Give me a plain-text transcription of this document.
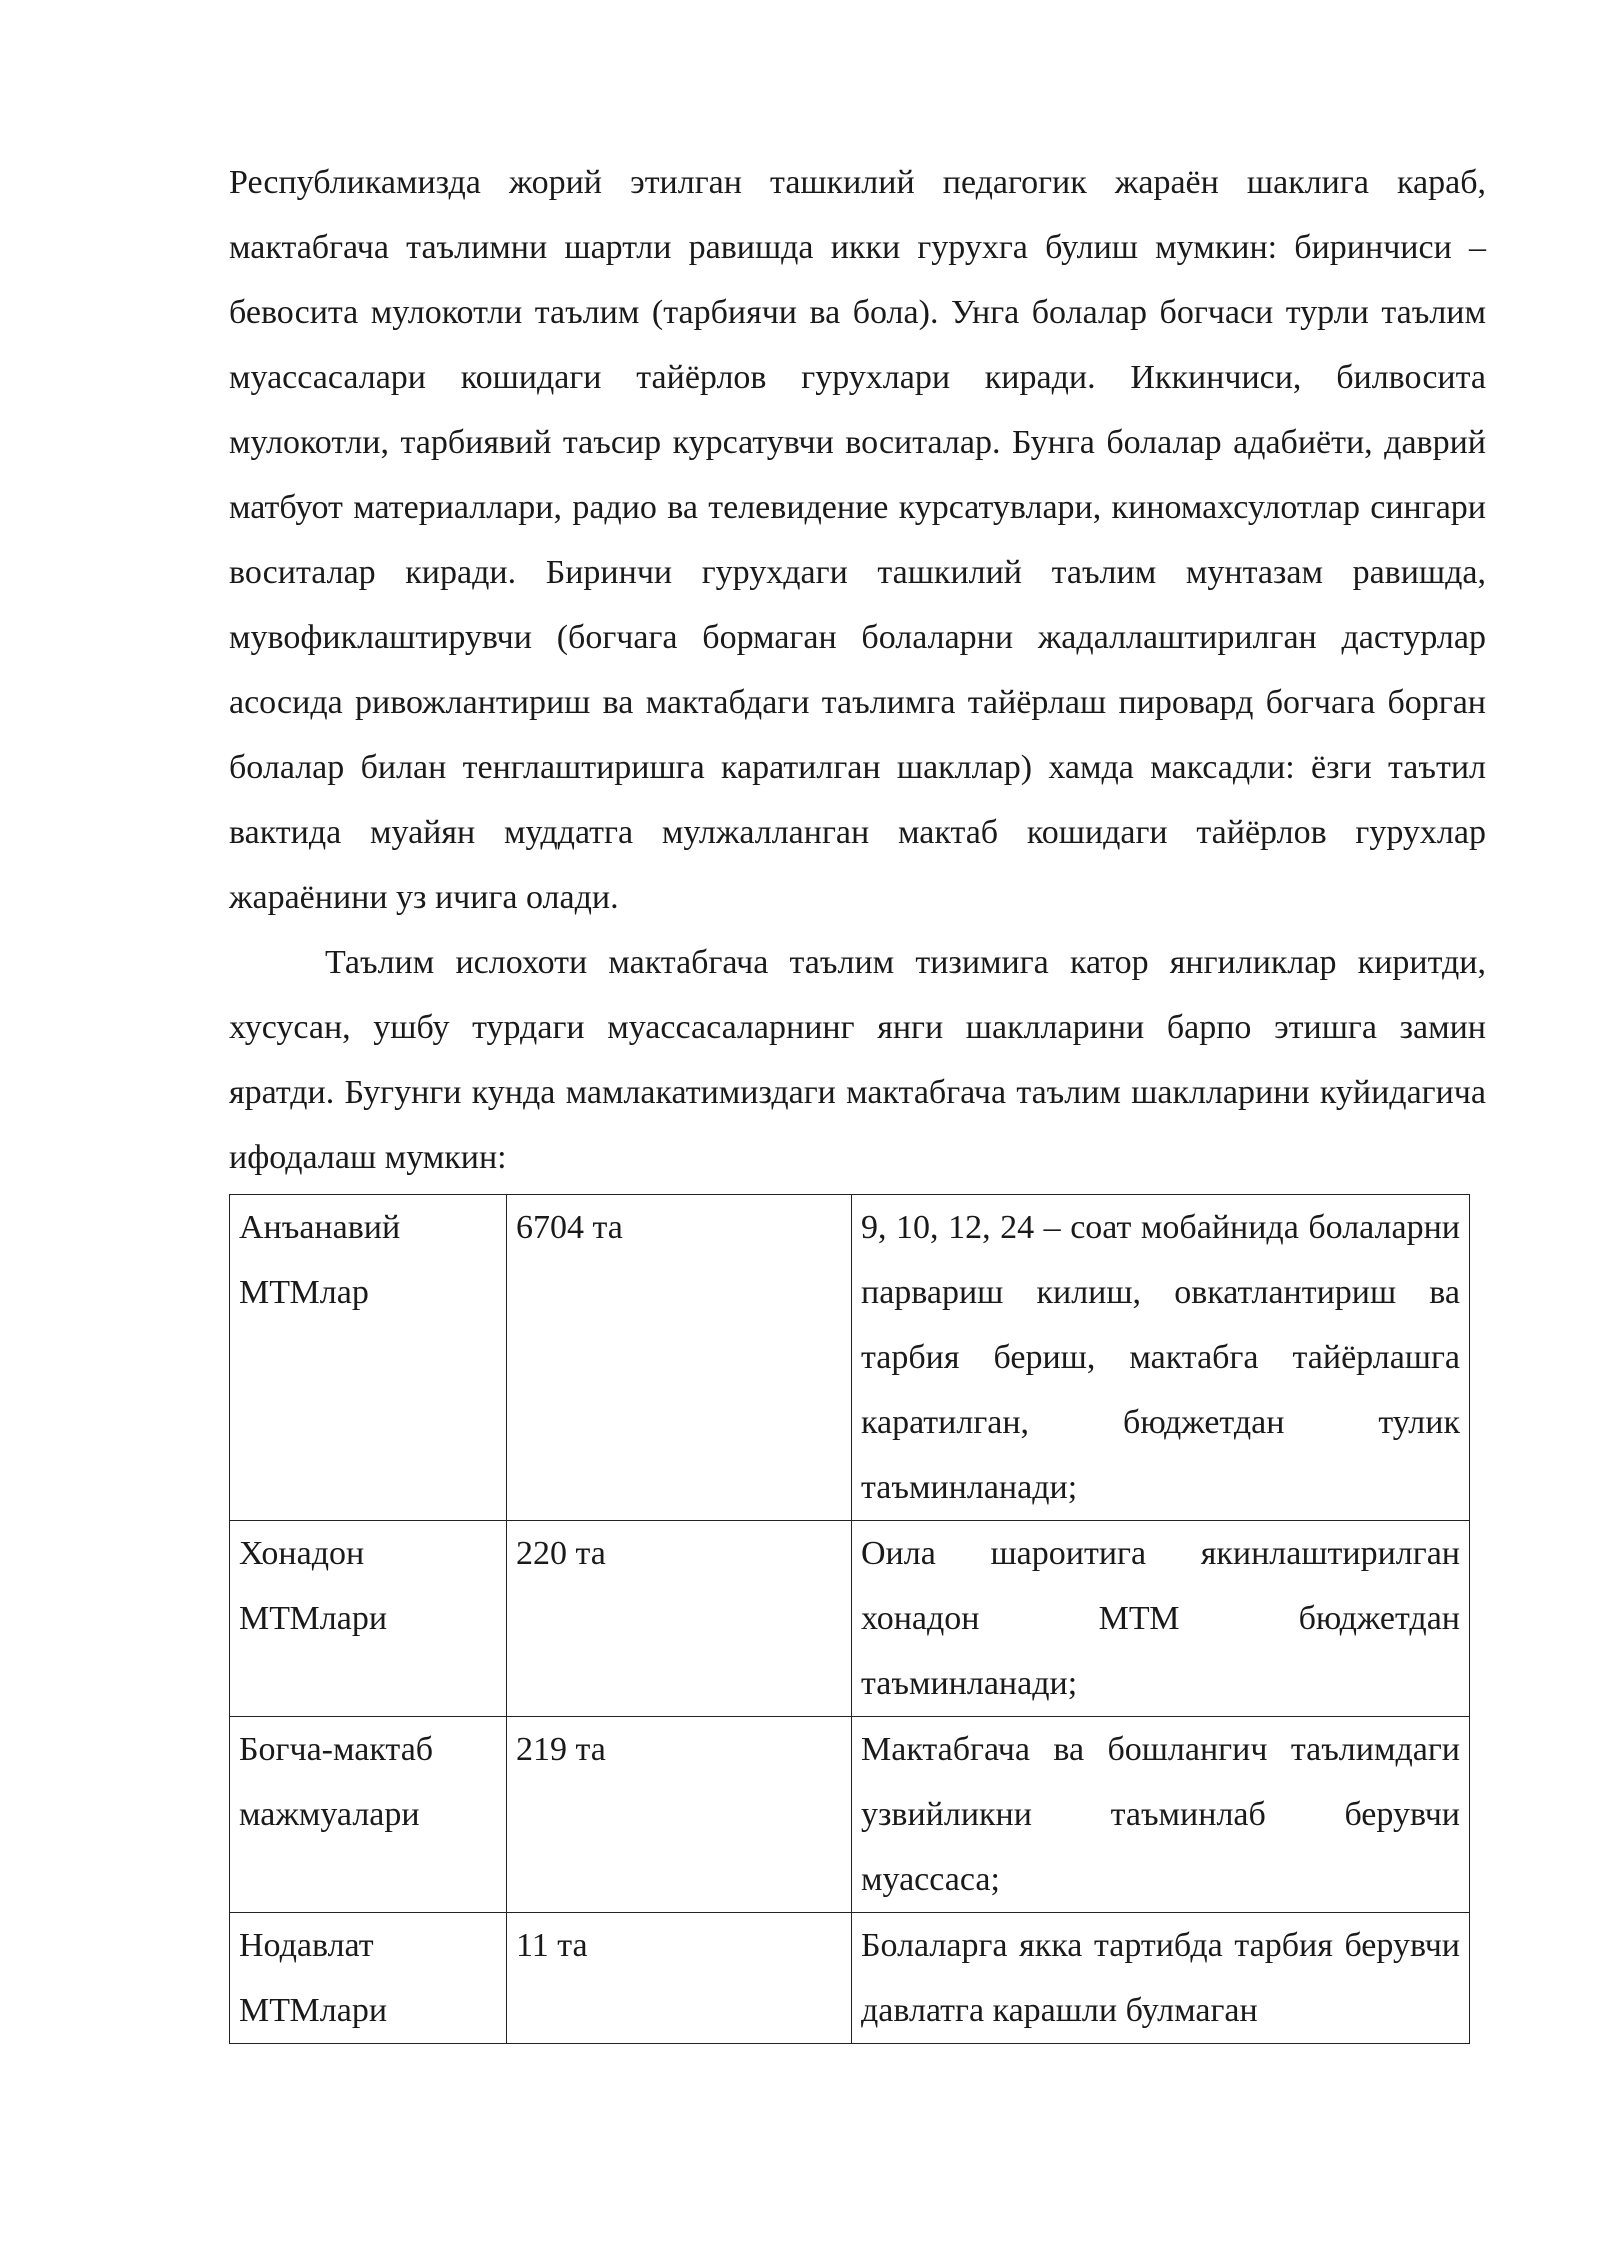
Республикамизда жорий этилган ташкилий педагогик жараён шаклига караб, мактабгача таълимни шартли равишда икки гурухга булиш мумкин: биринчиси – бевосита мулокотли таълим (тарбиячи ва бола). Унга болалар богчаси турли таълим муассасалари кошидаги тайёрлов гурухлари киради. Иккинчиси, билвосита мулокотли, тарбиявий таъсир курсатувчи воситалар. Бунга болалар адабиёти, даврий матбуот материаллари, радио ва телевидение курсатувлари, киномахсулотлар сингари воситалар киради. Биринчи гурухдаги ташкилий таълим мунтазам равишда, мувофиклаштирувчи (богчага бормаган болаларни жадаллаштирилган дастурлар асосида ривожлантириш ва мактабдаги таълимга тайёрлаш пировард богчага борган болалар билан тенглаштиришга каратилган шакллар) хамда максадли: ёзги таътил вактида муайян муддатга мулжалланган мактаб кошидаги тайёрлов гурухлар жараёнини уз ичига олади.

Таълим ислохоти мактабгача таълим тизимига катор янгиликлар киритди, хусусан, ушбу турдаги муассасаларнинг янги шаклларини барпо этишга замин яратди. Бугунги кунда мамлакатимиздаги мактабгача таълим шаклларини куйидагича ифодалаш мумкин:

Анъанавий МТМлар	6704 та	9, 10, 12, 24 – соат мобайнида болаларни парвариш килиш, овкатлантириш ва тарбия бериш, мактабга тайёрлашга каратилган, бюджетдан тулик таъминланади;
Хонадон МТМлари	220 та	Оила шароитига якинлаштирилган хонадон МТМ бюджетдан таъминланади;
Богча-мактаб мажмуалари	219 та	Мактабгача ва бошлангич таълимдаги узвийликни таъминлаб берувчи муассаса;
Нодавлат МТМлари	11 та	Болаларга якка тартибда тарбия берувчи давлатга карашли булмаган
